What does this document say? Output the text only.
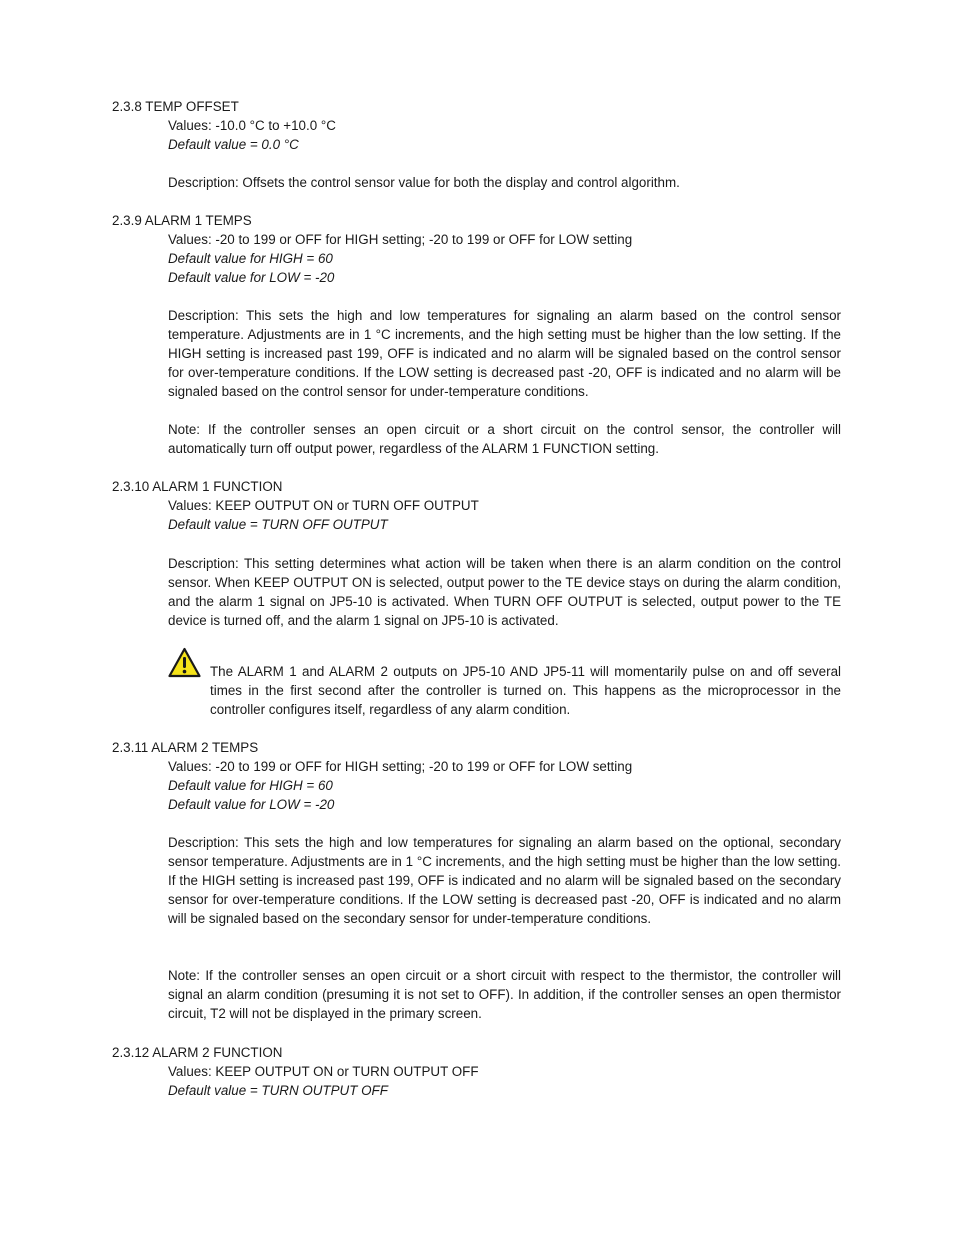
2.3.8 TEMP OFFSET

Values: -10.0 °C to +10.0 °C

Default value = 0.0 °C

Description: Offsets the control sensor value for both the display and control algorithm.

2.3.9 ALARM 1 TEMPS

Values: -20 to 199 or OFF for HIGH setting; -20 to 199 or OFF for LOW setting

Default value for HIGH = 60

Default value for LOW = -20

Description: This sets the high and low temperatures for signaling an alarm based on the control sensor temperature. Adjustments are in 1 °C increments, and the high setting must be higher than the low setting. If the HIGH setting is increased past 199, OFF is indicated and no alarm will be signaled based on the control sensor for over-temperature conditions. If the LOW setting is decreased past -20, OFF is indicated and no alarm will be signaled based on the control sensor for under-temperature conditions.

Note: If the controller senses an open circuit or a short circuit on the control sensor, the controller will automatically turn off output power, regardless of the ALARM 1 FUNCTION setting.

2.3.10 ALARM 1 FUNCTION

Values: KEEP OUTPUT ON or TURN OFF OUTPUT

Default value = TURN OFF OUTPUT

Description: This setting determines what action will be taken when there is an alarm condition on the control sensor. When KEEP OUTPUT ON is selected, output power to the TE device stays on during the alarm condition, and the alarm 1 signal on JP5-10 is activated. When TURN OFF OUTPUT is selected, output power to the TE device is turned off, and the alarm 1 signal on JP5-10 is activated.

The ALARM 1 and ALARM 2 outputs on JP5-10 AND JP5-11 will momentarily pulse on and off several times in the first second after the controller is turned on. This happens as the microprocessor in the controller configures itself, regardless of any alarm condition.

2.3.11 ALARM 2 TEMPS

Values: -20 to 199 or OFF for HIGH setting; -20 to 199 or OFF for LOW setting

Default value for HIGH = 60

Default value for LOW = -20

Description: This sets the high and low temperatures for signaling an alarm based on the optional, secondary sensor temperature. Adjustments are in 1 °C increments, and the high setting must be higher than the low setting. If the HIGH setting is increased past 199, OFF is indicated and no alarm will be signaled based on the secondary sensor for over-temperature conditions. If the LOW setting is decreased past -20, OFF is indicated and no alarm will be signaled based on the secondary sensor for under-temperature conditions.

Note: If the controller senses an open circuit or a short circuit with respect to the thermistor, the controller will signal an alarm condition (presuming it is not set to OFF). In addition, if the controller senses an open thermistor circuit, T2 will not be displayed in the primary screen.

2.3.12 ALARM 2 FUNCTION

Values: KEEP OUTPUT ON or TURN OUTPUT OFF

Default value = TURN OUTPUT OFF
